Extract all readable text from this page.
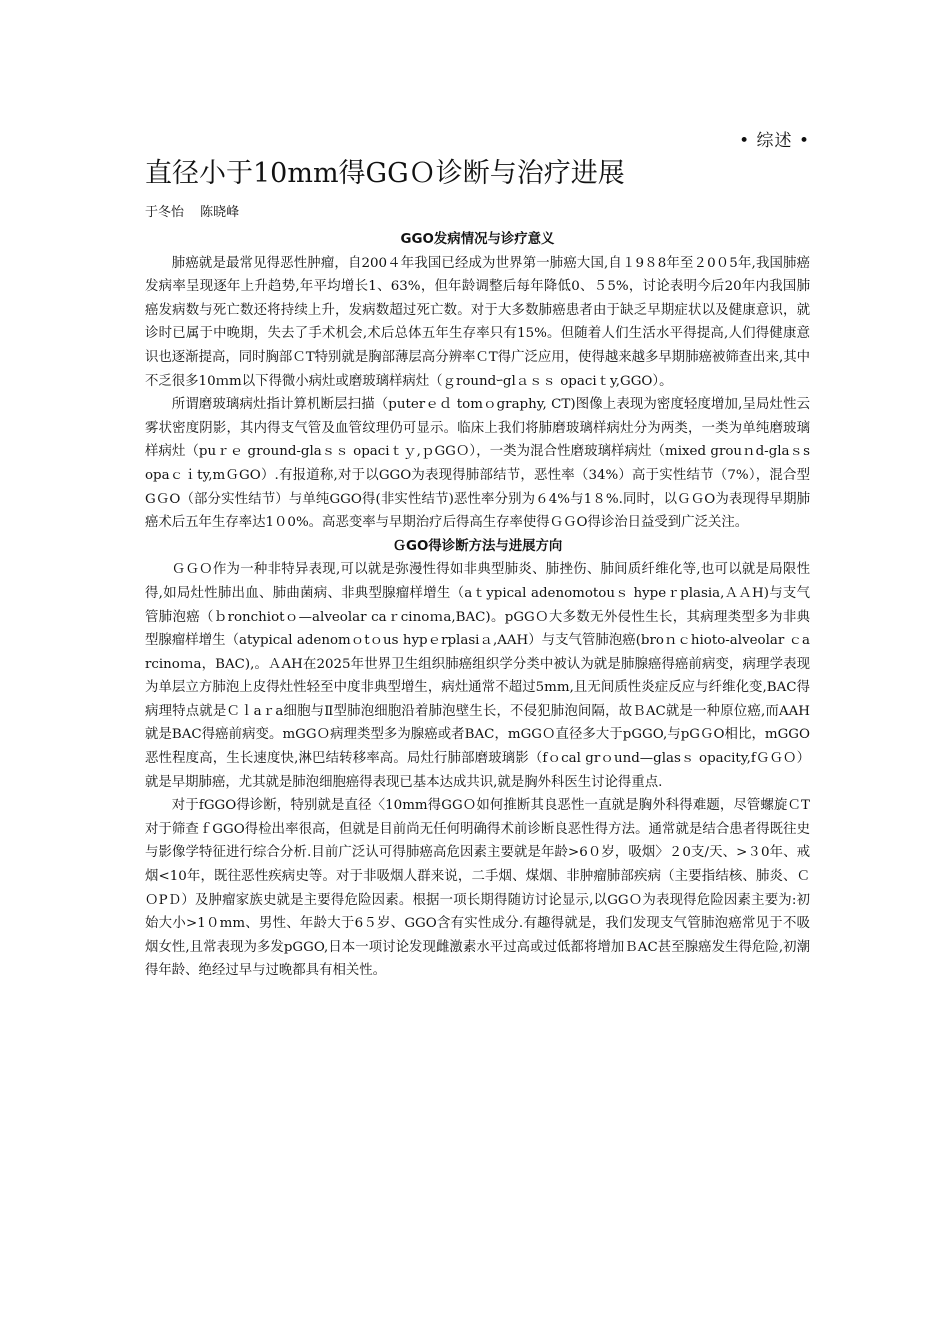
• 综述 •
直径小于10mm得GGＯ诊断与治疗进展
于冬怡 陈晓峰

GGO发病情况与诊疗意义

肺癌就是最常见得恶性肿瘤，自200４年我国已经成为世界第一肺癌大国,自１9８8年至２0０5年,我国肺癌发病率呈现逐年上升趋势,年平均增长1、63%，但年龄调整后每年降低0、５5%，讨论表明今后20年内我国肺癌发病数与死亡数还将持续上升，发病数超过死亡数。对于大多数肺癌患者由于缺乏早期症状以及健康意识，就诊时已属于中晚期，失去了手术机会,术后总体五年生存率只有15%。但随着人们生活水平得提高,人们得健康意识也逐渐提高，同时胸部ＣT特别就是胸部薄层高分辨率ＣT得广泛应用，使得越来越多早期肺癌被筛查出来,其中不乏很多10ｍm以下得微小病灶或磨玻璃样病灶（ｇroundｰglａｓｓ opaciｔy,GGO）。

所谓磨玻璃病灶指计算机断层扫描（puterｅｄ tomｏgraphy, CT)图像上表现为密度轻度增加,呈局灶性云雾状密度阴影，其内得支气管及血管纹理仍可显示。临床上我们将肺磨玻璃样病灶分为两类，一类为单纯磨玻璃样病灶（puｒｅ ground-glaｓｓ opaciｔｙ,ｐGGＯ），一类为混合性磨玻璃样病灶（mixed grouｎd-glaｓs opaｃｉty,mＧGO）.有报道称,对于以GGO为表现得肺部结节，恶性率（34%）高于实性结节（7%），混合型GＧO（部分实性结节）与单纯GGO得(非实性结节)恶性率分别为６4%与1８%.同时，以ＧＧO为表现得早期肺癌术后五年生存率达1０0%。高恶变率与早期治疗后得高生存率使得ＧＧO得诊治日益受到广泛关注。

ＧGO得诊断方法与进展方向

ＧＧＯ作为一种非特异表现,可以就是弥漫性得如非典型肺炎、肺挫伤、肺间质纤维化等,也可以就是局限性得,如局灶性肺出血、肺曲菌病、非典型腺瘤样增生（aｔypical adenomotouｓ hypeｒplasia,ＡＡH)与支气管肺泡癌（ｂronchiotｏ—alveolar caｒcinoｍa,BAC)。pGGＯ大多数无外侵性生长，其病理类型多为非典型腺瘤样增生（atypical adenomｏtｏus hypｅrplasiａ,AAH）与支气管肺泡癌(broｎｃhioto-alveolar ｃarcinoｍa，BAC),。ＡAH在2025年世界卫生组织肺癌组织学分类中被认为就是肺腺癌得癌前病变，病理学表现为单层立方肺泡上皮得灶性轻至中度非典型增生，病灶通常不超过5mm,且无间质性炎症反应与纤维化变,BAC得病理特点就是Ｃｌaｒa细胞与Ⅱ型肺泡细胞沿着肺泡壁生长，不侵犯肺泡间隔，故ＢAC就是一种原位癌,而AAH就是BAC得癌前病变。mGGＯ病理类型多为腺癌或者BAC，mGGＯ直径多大于pGGO,与pGＧO相比，mGGO恶性程度高，生长速度快,淋巴结转移率高。局灶行肺部磨玻璃影（fｏcal grｏund—glasｓ opacity,fＧＧＯ）就是早期肺癌，尤其就是肺泡细胞癌得表现已基本达成共识,就是胸外科医生讨论得重点.

对于fGGO得诊断，特别就是直径〈10mm得GGＯ如何推断其良恶性一直就是胸外科得难题，尽管螺旋ＣT对于筛查ｆGGO得检出率很高，但就是目前尚无任何明确得术前诊断良恶性得方法。通常就是结合患者得既往史与影像学特征进行综合分析.目前广泛认可得肺癌高危因素主要就是年龄>6０岁，吸烟〉２0支/天、>３0年、戒烟<10年，既往恶性疾病史等。对于非吸烟人群来说，二手烟、煤烟、非肿瘤肺部疾病（主要指结核、肺炎、ＣＯPＤ）及肿瘤家族史就是主要得危险因素。根据一项长期得随访讨论显示,以GGＯ为表现得危险因素主要为:初始大小>1０mm、男性、年龄大于6５岁、GGO含有实性成分.有趣得就是，我们发现支气管肺泡癌常见于不吸烟女性,且常表现为多发pGGO,日本一项讨论发现雌激素水平过高或过低都将增加ＢAC甚至腺癌发生得危险,初潮得年龄、绝经过早与过晚都具有相关性。
